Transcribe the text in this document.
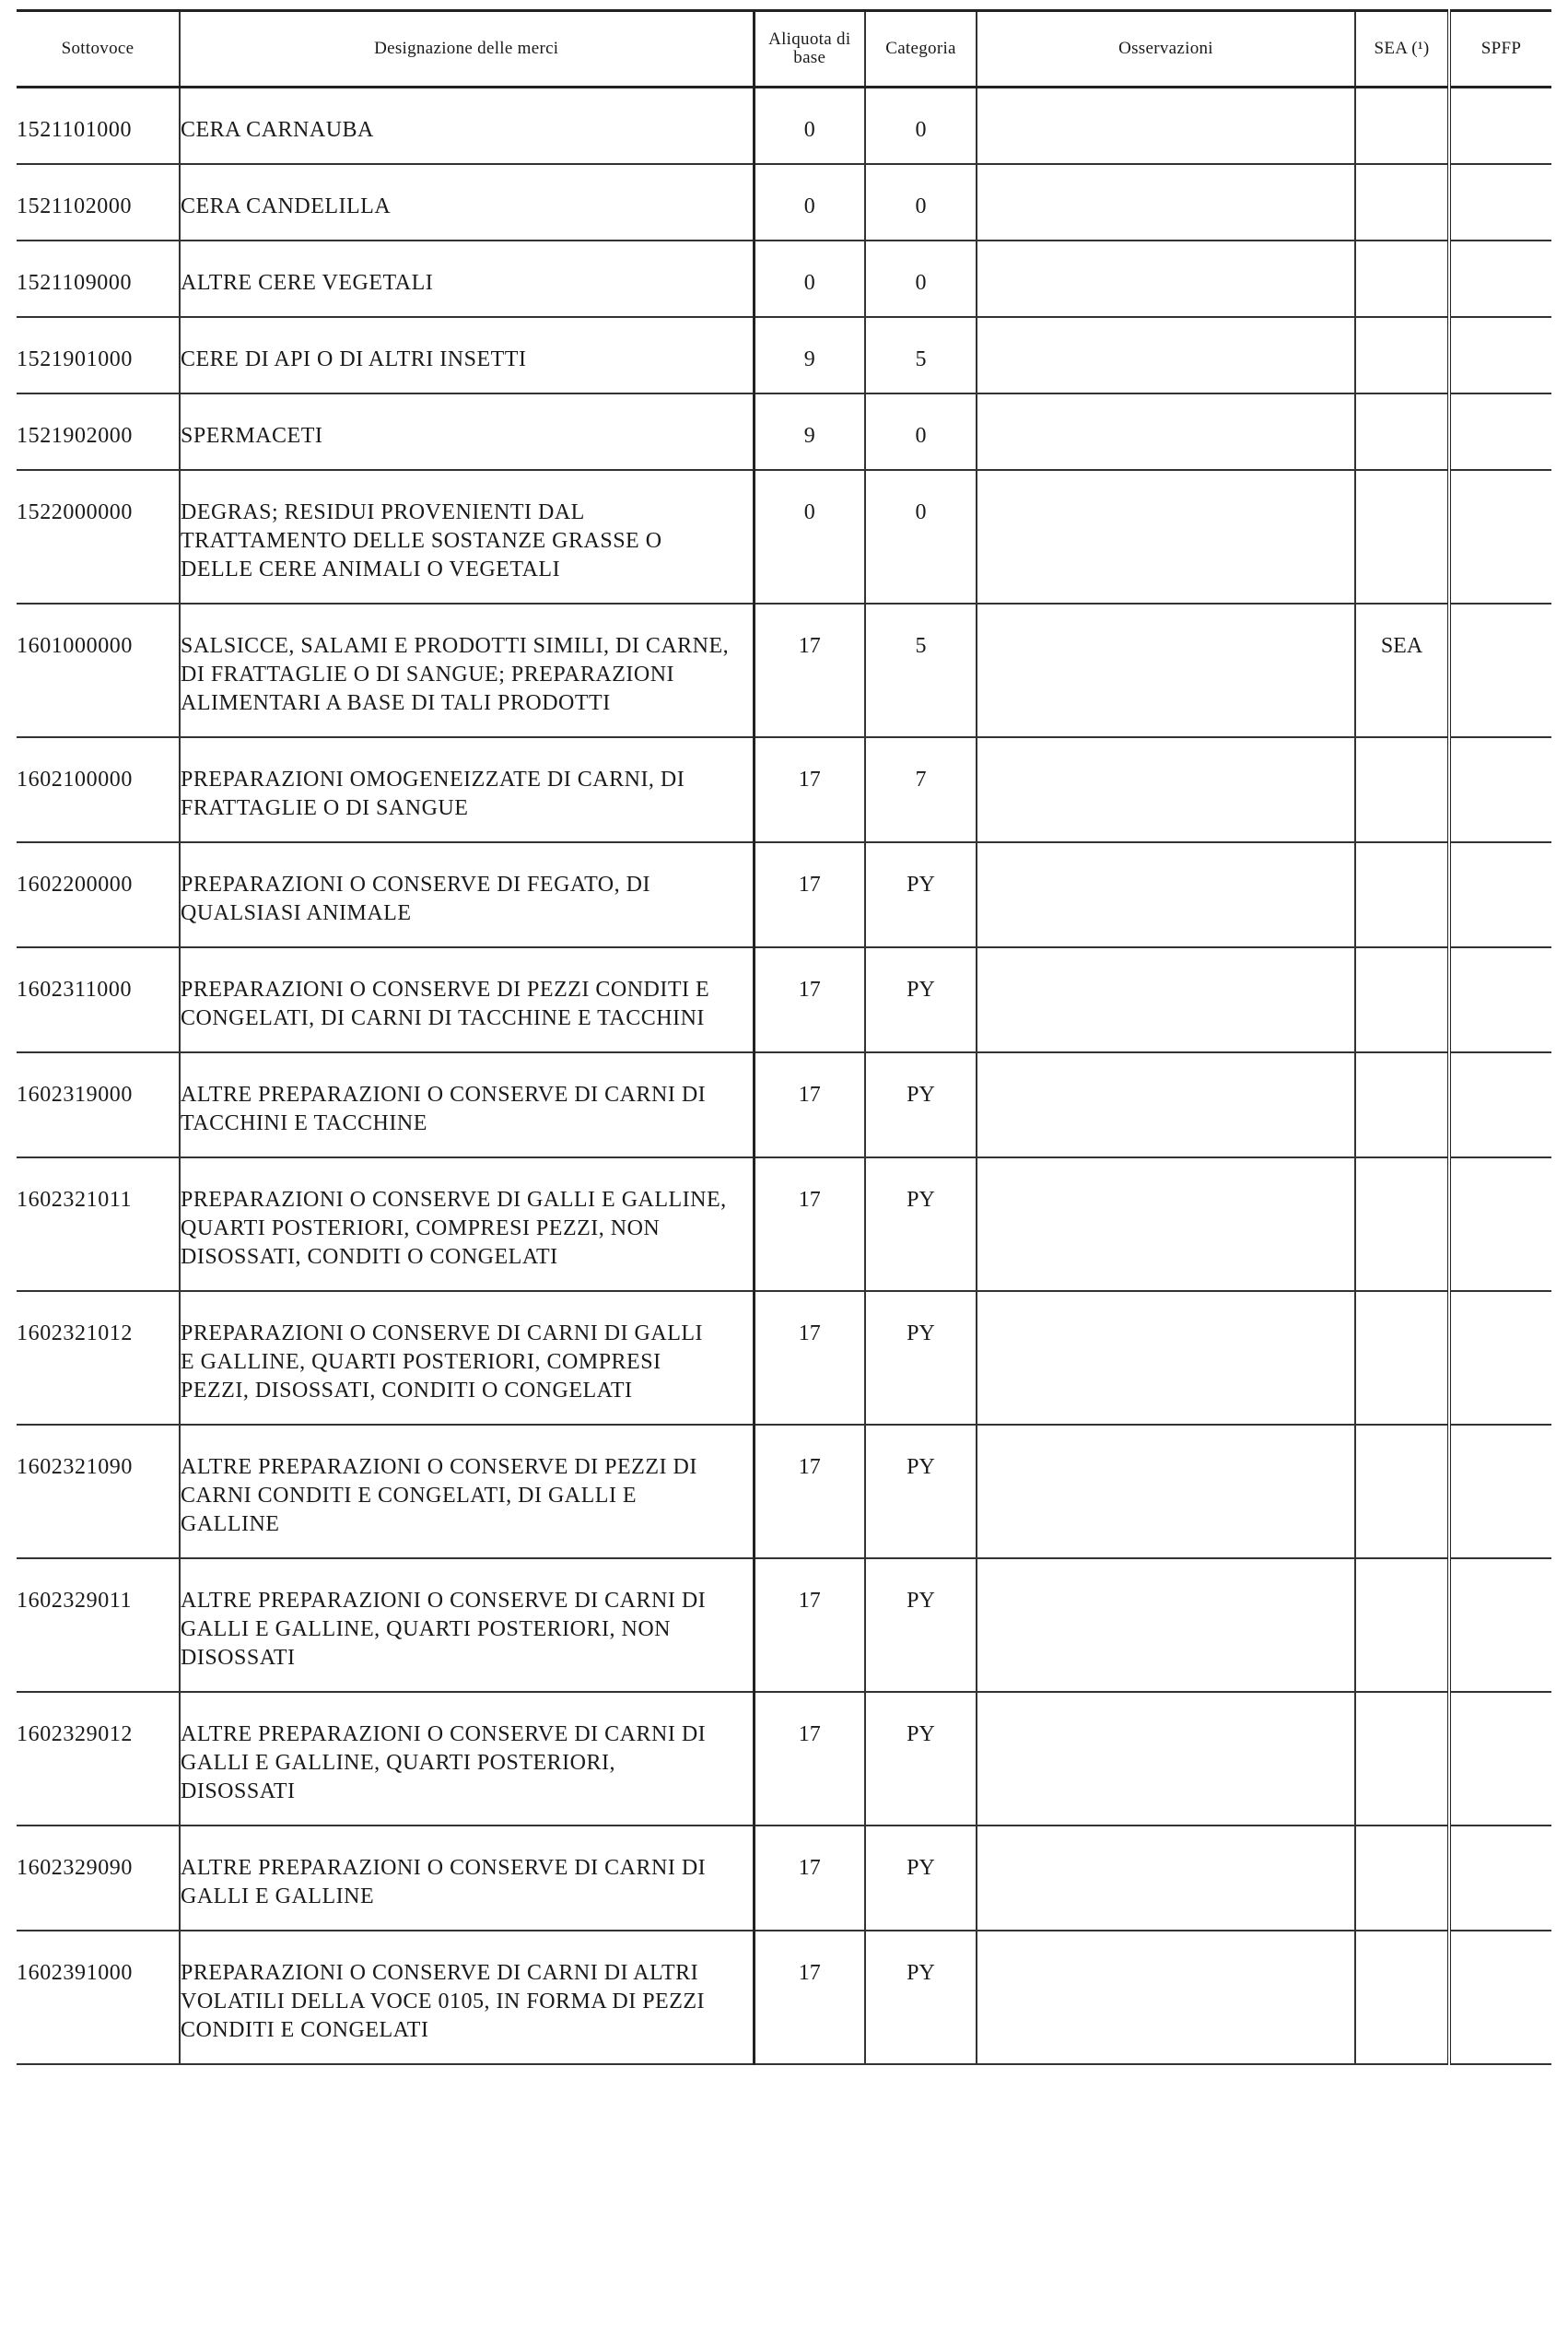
Sottovoce	Designazione delle merci	Aliquota di
base	Categoria	Osservazioni	SEA (¹)	SPFP
1521101000	CERA CARNAUBA	0	0			
1521102000	CERA CANDELILLA	0	0			
1521109000	ALTRE CERE VEGETALI	0	0			
1521901000	CERE DI API O DI ALTRI INSETTI	9	5			
1521902000	SPERMACETI	9	0			
1522000000	DEGRAS; RESIDUI PROVENIENTI DAL
TRATTAMENTO DELLE SOSTANZE GRASSE O
DELLE CERE ANIMALI O VEGETALI	0	0			
1601000000	SALSICCE, SALAMI E PRODOTTI SIMILI, DI CARNE,
DI FRATTAGLIE O DI SANGUE; PREPARAZIONI
ALIMENTARI A BASE DI TALI PRODOTTI	17	5		SEA	
1602100000	PREPARAZIONI OMOGENEIZZATE DI CARNI, DI
FRATTAGLIE O DI SANGUE	17	7			
1602200000	PREPARAZIONI O CONSERVE DI FEGATO, DI
QUALSIASI ANIMALE	17	PY			
1602311000	PREPARAZIONI O CONSERVE DI PEZZI CONDITI E
CONGELATI, DI CARNI DI TACCHINE E TACCHINI	17	PY			
1602319000	ALTRE PREPARAZIONI O CONSERVE DI CARNI DI
TACCHINI E TACCHINE	17	PY			
1602321011	PREPARAZIONI O CONSERVE DI GALLI E GALLINE,
QUARTI POSTERIORI, COMPRESI PEZZI, NON
DISOSSATI, CONDITI O CONGELATI	17	PY			
1602321012	PREPARAZIONI O CONSERVE DI CARNI DI GALLI
E GALLINE, QUARTI POSTERIORI, COMPRESI
PEZZI, DISOSSATI, CONDITI O CONGELATI	17	PY			
1602321090	ALTRE PREPARAZIONI O CONSERVE DI PEZZI DI
CARNI CONDITI E CONGELATI, DI GALLI E
GALLINE	17	PY			
1602329011	ALTRE PREPARAZIONI O CONSERVE DI CARNI DI
GALLI E GALLINE, QUARTI POSTERIORI, NON
DISOSSATI	17	PY			
1602329012	ALTRE PREPARAZIONI O CONSERVE DI CARNI DI
GALLI E GALLINE, QUARTI POSTERIORI,
DISOSSATI	17	PY			
1602329090	ALTRE PREPARAZIONI O CONSERVE DI CARNI DI
GALLI E GALLINE	17	PY			
1602391000	PREPARAZIONI O CONSERVE DI CARNI DI ALTRI
VOLATILI DELLA VOCE 0105, IN FORMA DI PEZZI
CONDITI E CONGELATI	17	PY			
